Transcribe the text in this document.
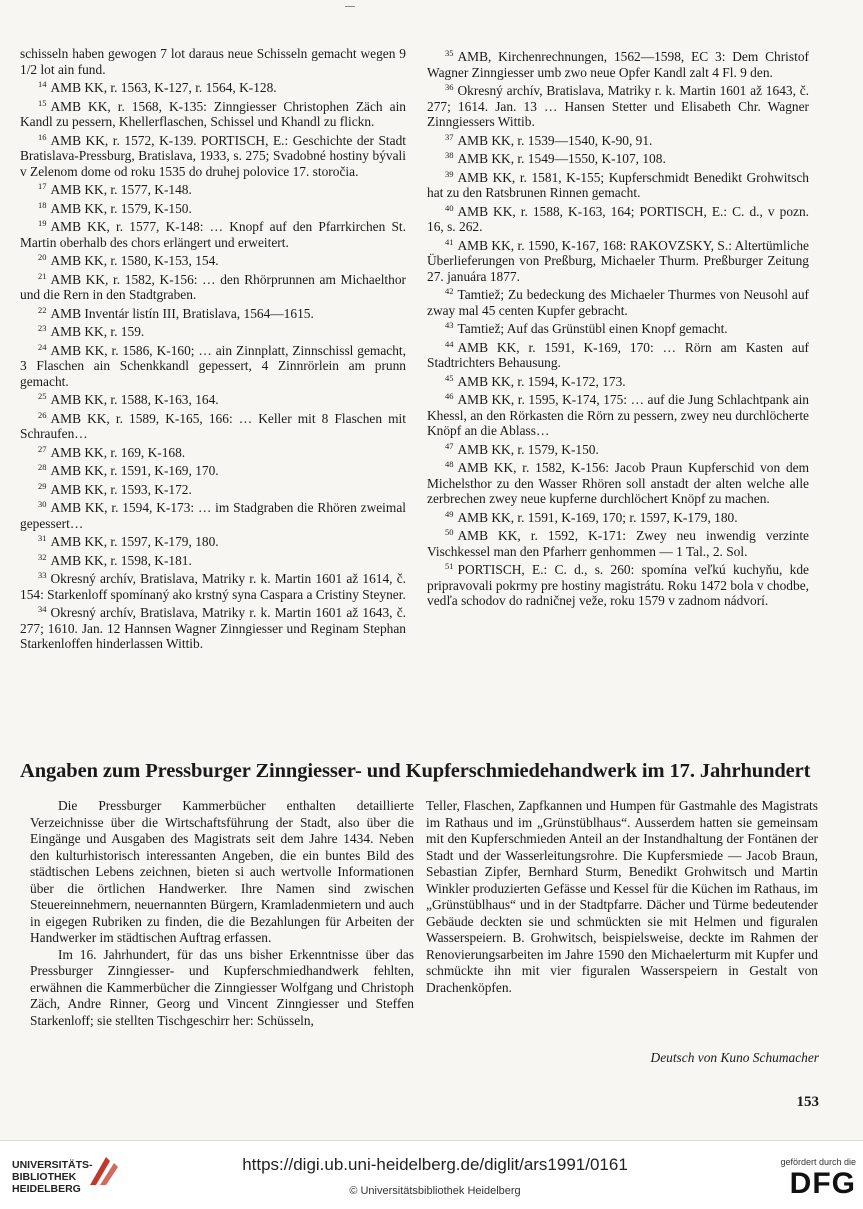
schisseln haben gewogen 7 lot daraus neue Schisseln gemacht wegen 9 1/2 lot ain fund.
$^{14}$ AMB KK, r. 1563, K-127, r. 1564, K-128.
$^{15}$ AMB KK, r. 1568, K-135: Zinngiesser Christophen Zäch ain Kandl zu pessern, Khellerflaschen, Schissel und Khandl zu flickn.
$^{16}$ AMB KK, r. 1572, K-139. PORTISCH, E.: Geschichte der Stadt Bratislava-Pressburg, Bratislava, 1933, s. 275; Svadobné hostiny bývali v Zelenom dome od roku 1535 do druhej polovice 17. storočia.
$^{17}$ AMB KK, r. 1577, K-148.
$^{18}$ AMB KK, r. 1579, K-150.
$^{19}$ AMB KK, r. 1577, K-148: … Knopf auf den Pfarrkirchen St. Martin oberhalb des chors erlängert und erweitert.
$^{20}$ AMB KK, r. 1580, K-153, 154.
$^{21}$ AMB KK, r. 1582, K-156: … den Rhörprunnen am Michaelthor und die Rern in den Stadtgraben.
$^{22}$ AMB Inventár listín III, Bratislava, 1564—1615.
$^{23}$ AMB KK, r. 159.
$^{24}$ AMB KK, r. 1586, K-160; … ain Zinnplatt, Zinnschissl gemacht, 3 Flaschen ain Schenkkandl gepessert, 4 Zinnrörlein am prunn gemacht.
$^{25}$ AMB KK, r. 1588, K-163, 164.
$^{26}$ AMB KK, r. 1589, K-165, 166: … Keller mit 8 Flaschen mit Schraufen…
$^{27}$ AMB KK, r. 169, K-168.
$^{28}$ AMB KK, r. 1591, K-169, 170.
$^{29}$ AMB KK, r. 1593, K-172.
$^{30}$ AMB KK, r. 1594, K-173: … im Stadgraben die Rhören zweimal gepessert…
$^{31}$ AMB KK, r. 1597, K-179, 180.
$^{32}$ AMB KK, r. 1598, K-181.
$^{33}$ Okresný archív, Bratislava, Matriky r. k. Martin 1601 až 1614, č. 154: Starkenloff spomínaný ako krstný syna Caspara a Cristiny Steyner.
$^{34}$ Okresný archív, Bratislava, Matriky r. k. Martin 1601 až 1643, č. 277; 1610. Jan. 12 Hannsen Wagner Zinngiesser und Reginam Stephan Starkenloffen hinderlassen Wittib.
$^{35}$ AMB, Kirchenrechnungen, 1562—1598, EC 3: Dem Christof Wagner Zinngiesser umb zwo neue Opfer Kandl zalt 4 Fl. 9 den.
$^{36}$ Okresný archív, Bratislava, Matriky r. k. Martin 1601 až 1643, č. 277; 1614. Jan. 13 … Hansen Stetter und Elisabeth Chr. Wagner Zinngiessers Wittib.
$^{37}$ AMB KK, r. 1539—1540, K-90, 91.
$^{38}$ AMB KK, r. 1549—1550, K-107, 108.
$^{39}$ AMB KK, r. 1581, K-155; Kupferschmidt Benedikt Grohwitsch hat zu den Ratsbrunen Rinnen gemacht.
$^{40}$ AMB KK, r. 1588, K-163, 164; PORTISCH, E.: C. d., v pozn. 16, s. 262.
$^{41}$ AMB KK, r. 1590, K-167, 168: RAKOVZSKY, S.: Altertümliche Überlieferungen von Preßburg, Michaeler Thurm. Preßburger Zeitung 27. januára 1877.
$^{42}$ Tamtiež; Zu bedeckung des Michaeler Thurmes von Neusohl auf zway mal 45 centen Kupfer gebracht.
$^{43}$ Tamtiež; Auf das Grünstübl einen Knopf gemacht.
$^{44}$ AMB KK, r. 1591, K-169, 170: … Rörn am Kasten auf Stadtrichters Behausung.
$^{45}$ AMB KK, r. 1594, K-172, 173.
$^{46}$ AMB KK, r. 1595, K-174, 175: … auf die Jung Schlachtpank ain Khessl, an den Rörkasten die Rörn zu pessern, zwey neu durchlöcherte Knöpf an die Ablass…
$^{47}$ AMB KK, r. 1579, K-150.
$^{48}$ AMB KK, r. 1582, K-156: Jacob Praun Kupferschid von dem Michelsthor zu den Wasser Rhören soll anstadt der alten welche alle zerbrechen zwey neue kupferne durchlöchert Knöpf zu machen.
$^{49}$ AMB KK, r. 1591, K-169, 170; r. 1597, K-179, 180.
$^{50}$ AMB KK, r. 1592, K-171: Zwey neu inwendig verzinte Vischkessel man den Pfarherr genhommen — 1 Tal., 2. Sol.
$^{51}$ PORTISCH, E.: C. d., s. 260: spomína veľkú kuchyňu, kde pripravovali pokrmy pre hostiny magistrátu. Roku 1472 bola v chodbe, vedľa schodov do radničnej veže, roku 1579 v zadnom nádvorí.
Angaben zum Pressburger Zinngiesser- und Kupferschmiedehandwerk im 17. Jahrhundert

Die Pressburger Kammerbücher enthalten detaillierte Verzeichnisse über die Wirtschaftsführung der Stadt, also über die Eingänge und Ausgaben des Magistrats seit dem Jahre 1434. Neben den kulturhistorisch interessanten Angeben, die ein buntes Bild des städtischen Lebens zeichnen, bieten si auch wertvolle Informationen über die örtlichen Handwerker. Ihre Namen sind zwischen Steuereinnehmern, neuernannten Bürgern, Kramladenmietern und auch in eigegen Rubriken zu finden, die die Bezahlungen für Arbeiten der Handwerker im städtischen Auftrag erfassen.

Im 16. Jahrhundert, für das uns bisher Erkenntnisse über das Pressburger Zinngiesser- und Kupferschmiedhandwerk fehlten, erwähnen die Kammerbücher die Zinngiesser Wolfgang und Christoph Zäch, Andre Rinner, Georg und Vincent Zinngiesser und Steffen Starkenloff; sie stellten Tischgeschirr her: Schüsseln,

Teller, Flaschen, Zapfkannen und Humpen für Gastmahle des Magistrats im Rathaus und im „Grünstüblhaus“. Ausserdem hatten sie gemeinsam mit den Kupferschmieden Anteil an der Instandhaltung der Fontänen der Stadt und der Wasserleitungsrohre. Die Kupfersmiede — Jacob Braun, Sebastian Zipfer, Bernhard Sturm, Benedikt Grohwitsch und Martin Winkler produzierten Gefässe und Kessel für die Küchen im Rathaus, im „Grünstüblhaus“ und in der Stadtpfarre. Dächer und Türme bedeutender Gebäude deckten sie und schmückten sie mit Helmen und figuralen Wasserspeiern. B. Grohwitsch, beispielsweise, deckte im Rahmen der Renovierungsarbeiten im Jahre 1590 den Michaelerturm mit Kupfer und schmückte ihn mit vier figuralen Wasserspeiern in Gestalt von Drachenköpfen.

Deutsch von Kuno Schumacher
153
UNIVERSITÄTS-
BIBLIOTHEK
HEIDELBERG
https://digi.ub.uni-heidelberg.de/diglit/ars1991/0161
© Universitätsbibliothek Heidelberg
gefördert durch die
DFG
